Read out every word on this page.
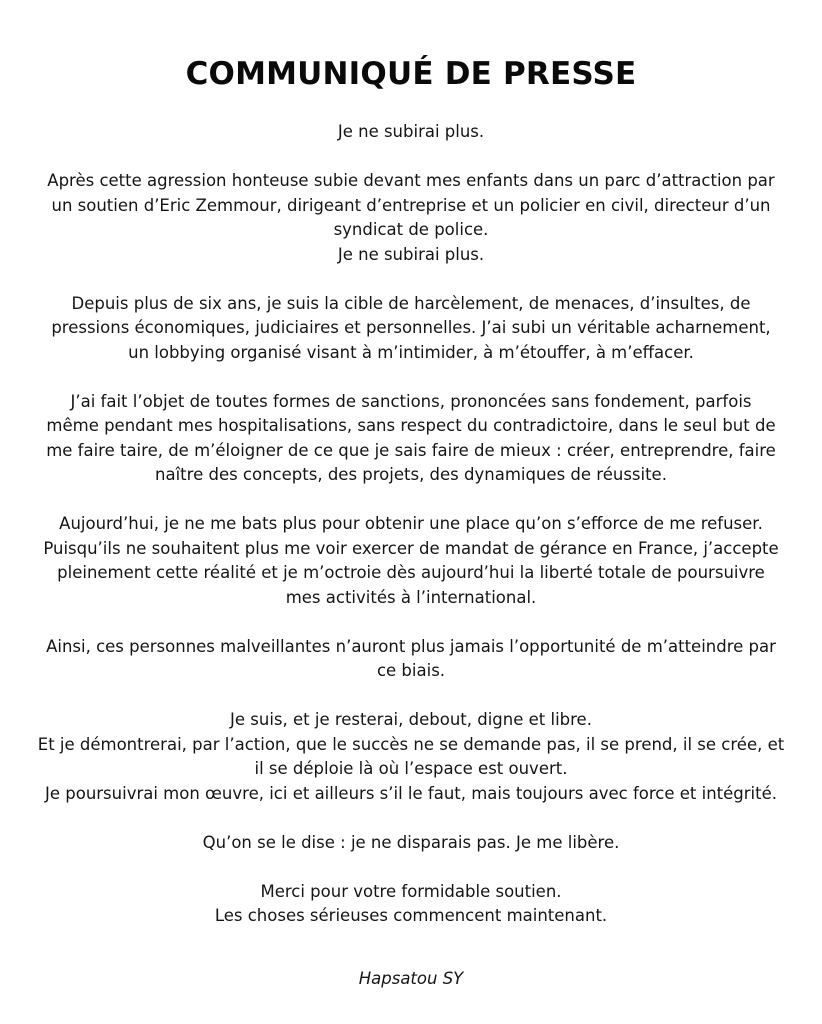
COMMUNIQUÉ DE PRESSE

Je ne subirai plus.

Après cette agression honteuse subie devant mes enfants dans un parc d’attraction par
un soutien d’Eric Zemmour, dirigeant d’entreprise et un policier en civil, directeur d’un
syndicat de police.
Je ne subirai plus.

Depuis plus de six ans, je suis la cible de harcèlement, de menaces, d’insultes, de
pressions économiques, judiciaires et personnelles. J’ai subi un véritable acharnement,
un lobbying organisé visant à m’intimider, à m’étouffer, à m’effacer.

J’ai fait l’objet de toutes formes de sanctions, prononcées sans fondement, parfois
même pendant mes hospitalisations, sans respect du contradictoire, dans le seul but de
me faire taire, de m’éloigner de ce que je sais faire de mieux : créer, entreprendre, faire
naître des concepts, des projets, des dynamiques de réussite.

Aujourd’hui, je ne me bats plus pour obtenir une place qu’on s’efforce de me refuser.
Puisqu’ils ne souhaitent plus me voir exercer de mandat de gérance en France, j’accepte
pleinement cette réalité et je m’octroie dès aujourd’hui la liberté totale de poursuivre
mes activités à l’international.

Ainsi, ces personnes malveillantes n’auront plus jamais l’opportunité de m’atteindre par
ce biais.

Je suis, et je resterai, debout, digne et libre.
Et je démontrerai, par l’action, que le succès ne se demande pas, il se prend, il se crée, et
il se déploie là où l’espace est ouvert.
Je poursuivrai mon œuvre, ici et ailleurs s’il le faut, mais toujours avec force et intégrité.

Qu’on se le dise : je ne disparais pas. Je me libère.

Merci pour votre formidable soutien.
Les choses sérieuses commencent maintenant.

Hapsatou SY
